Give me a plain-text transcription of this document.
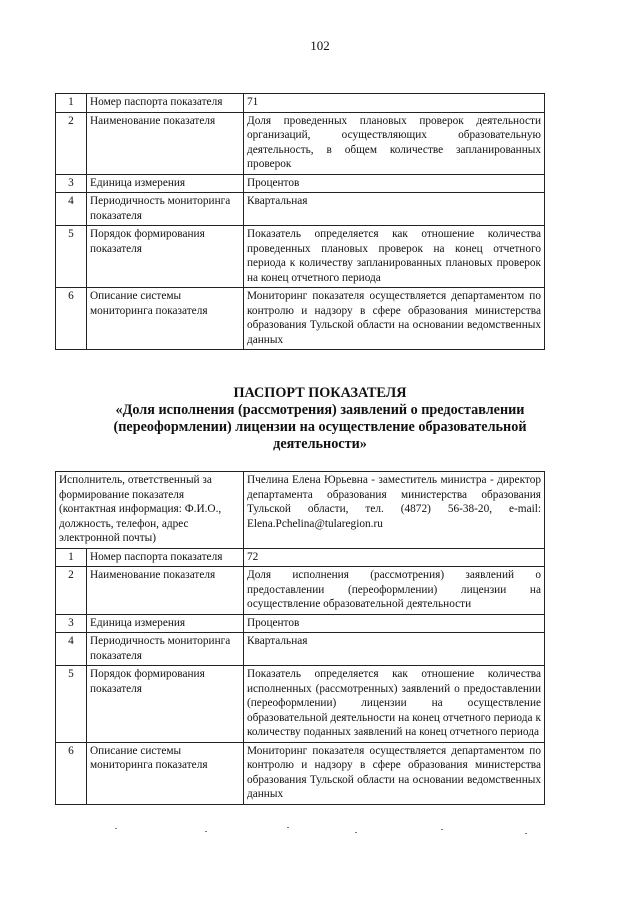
102
1	Номер паспорта показателя	71
2	Наименование показателя	Доля проведенных плановых проверок деятельности организаций, осуществляющих образовательную деятельность, в общем количестве запланированных проверок
3	Единица измерения	Процентов
4	Периодичность мониторинга показателя	Квартальная
5	Порядок формирования показателя	Показатель определяется как отношение количества проведенных плановых проверок на конец отчетного периода к количеству запланированных плановых проверок на конец отчетного периода
6	Описание системы мониторинга показателя	Мониторинг показателя осуществляется департаментом по контролю и надзору в сфере образования министерства образования Тульской области на основании ведомственных данных
ПАСПОРТ ПОКАЗАТЕЛЯ
«Доля исполнения (рассмотрения) заявлений о предоставлении (переоформлении) лицензии на осуществление образовательной деятельности»
Исполнитель, ответственный за формирование показателя (контактная информация: Ф.И.О., должность, телефон, адрес электронной почты)		Пчелина Елена Юрьевна - заместитель министра - директор департамента образования министерства образования Тульской области, тел. (4872) 56-38-20, e-mail: Elena.Pchelina@tularegion.ru
1	Номер паспорта показателя	72
2	Наименование показателя	Доля исполнения (рассмотрения) заявлений о предоставлении (переоформлении) лицензии на осуществление образовательной деятельности
3	Единица измерения	Процентов
4	Периодичность мониторинга показателя	Квартальная
5	Порядок формирования показателя	Показатель определяется как отношение количества исполненных (рассмотренных) заявлений о предоставлении (переоформлении) лицензии на осуществление образовательной деятельности на конец отчетного периода к количеству поданных заявлений на конец отчетного периода
6	Описание системы мониторинга показателя	Мониторинг показателя осуществляется департаментом по контролю и надзору в сфере образования министерства образования Тульской области на основании ведомственных данных
